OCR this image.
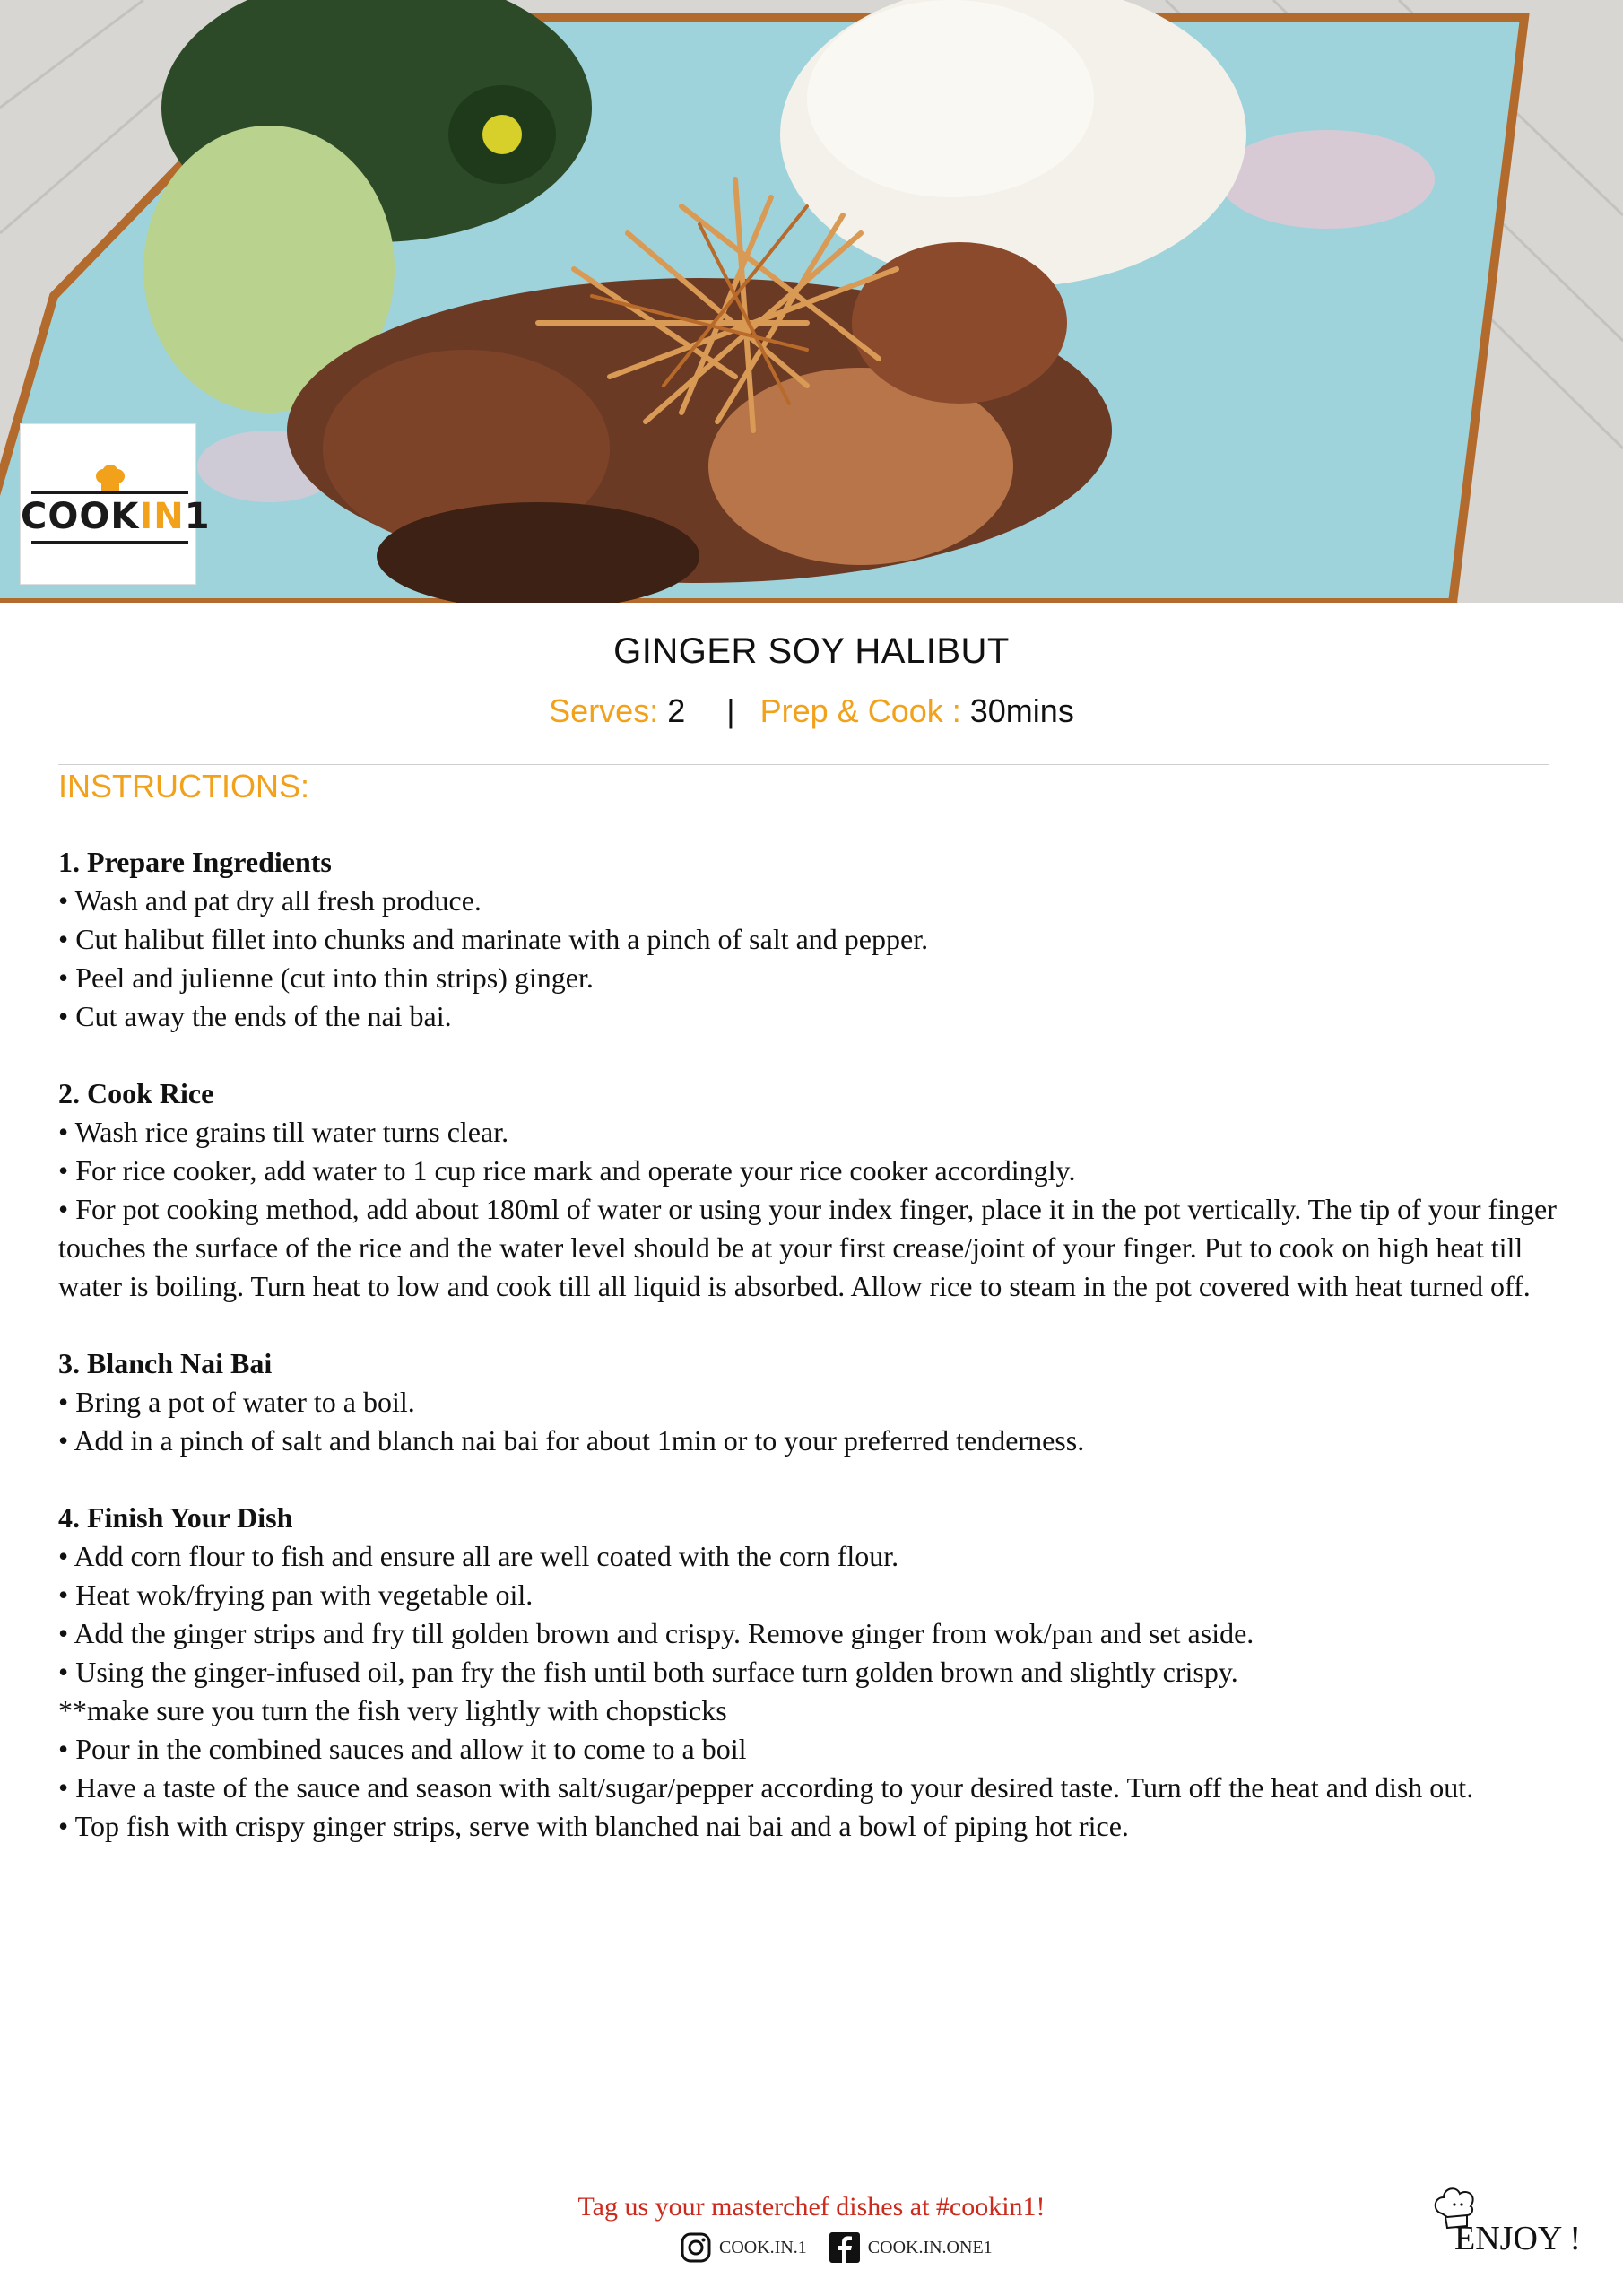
COOKIN1
GINGER SOY HALIBUT
Serves: 2 | Prep & Cook : 30mins
INSTRUCTIONS:
1. Prepare Ingredients

• Wash and pat dry all fresh produce.

• Cut halibut fillet into chunks and marinate with a pinch of salt and pepper.

• Peel and julienne (cut into thin strips) ginger.

• Cut away the ends of the nai bai.

2. Cook Rice

• Wash rice grains till water turns clear.

• For rice cooker, add water to 1 cup rice mark and operate your rice cooker accordingly.

• For pot cooking method, add about 180ml of water or using your index finger, place it in the pot vertically. The tip of your finger touches the surface of the rice and the water level should be at your first crease/joint of your finger. Put to cook on high heat till water is boiling. Turn heat to low and cook till all liquid is absorbed. Allow rice to steam in the pot covered with heat turned off.

3. Blanch Nai Bai

• Bring a pot of water to a boil.

• Add in a pinch of salt and blanch nai bai for about 1min or to your preferred tenderness.

4. Finish Your Dish

• Add corn flour to fish and ensure all are well coated with the corn flour.

• Heat wok/frying pan with vegetable oil.

• Add the ginger strips and fry till golden brown and crispy. Remove ginger from wok/pan and set aside.

• Using the ginger-infused oil, pan fry the fish until both surface turn golden brown and slightly crispy.

**make sure you turn the fish very lightly with chopsticks

• Pour in the combined sauces and allow it to come to a boil

• Have a taste of the sauce and season with salt/sugar/pepper according to your desired taste. Turn off the heat and dish out.

• Top fish with crispy ginger strips, serve with blanched nai bai and a bowl of piping hot rice.

Tag us your masterchef dishes at #cookin1!
COOK.IN.1	COOK.IN.ONE1	ENJOY !
